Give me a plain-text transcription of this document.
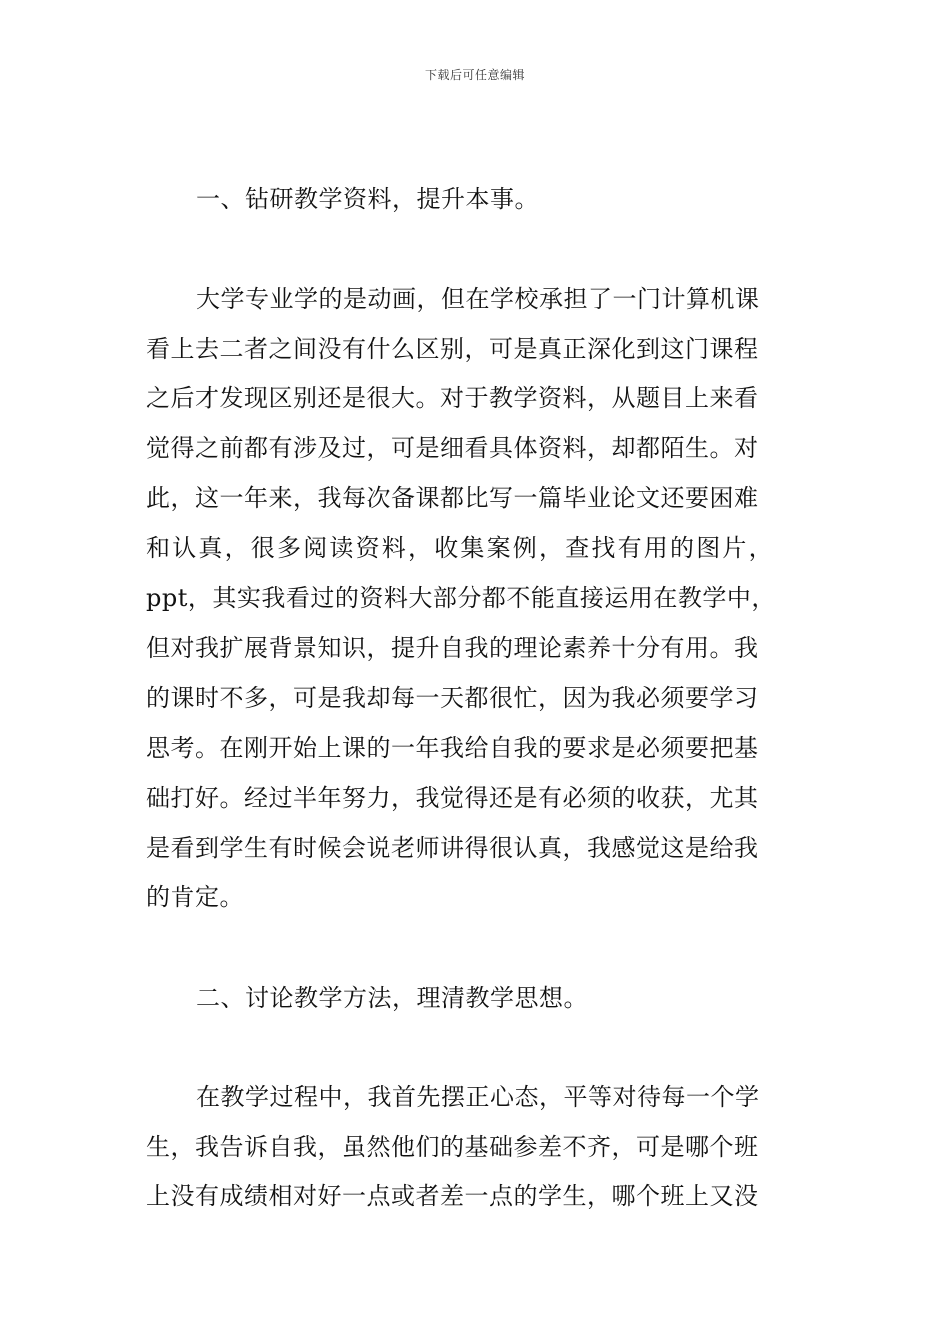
下载后可任意编辑
一、钻研教学资料，提升本事。
大学专业学的是动画，但在学校承担了一门计算机课
看上去二者之间没有什么区别，可是真正深化到这门课程
之后才发现区别还是很大。对于教学资料，从题目上来看
觉得之前都有涉及过，可是细看具体资料，却都陌生。对
此，这一年来，我每次备课都比写一篇毕业论文还要困难
和认真，很多阅读资料，收集案例，查找有用的图片，
ppt，其实我看过的资料大部分都不能直接运用在教学中，
但对我扩展背景知识，提升自我的理论素养十分有用。我
的课时不多，可是我却每一天都很忙，因为我必须要学习
思考。在刚开始上课的一年我给自我的要求是必须要把基
础打好。经过半年努力，我觉得还是有必须的收获，尤其
是看到学生有时候会说老师讲得很认真，我感觉这是给我
的肯定。
二、讨论教学方法，理清教学思想。
在教学过程中，我首先摆正心态，平等对待每一个学
生，我告诉自我，虽然他们的基础参差不齐，可是哪个班
上没有成绩相对好一点或者差一点的学生，哪个班上又没
